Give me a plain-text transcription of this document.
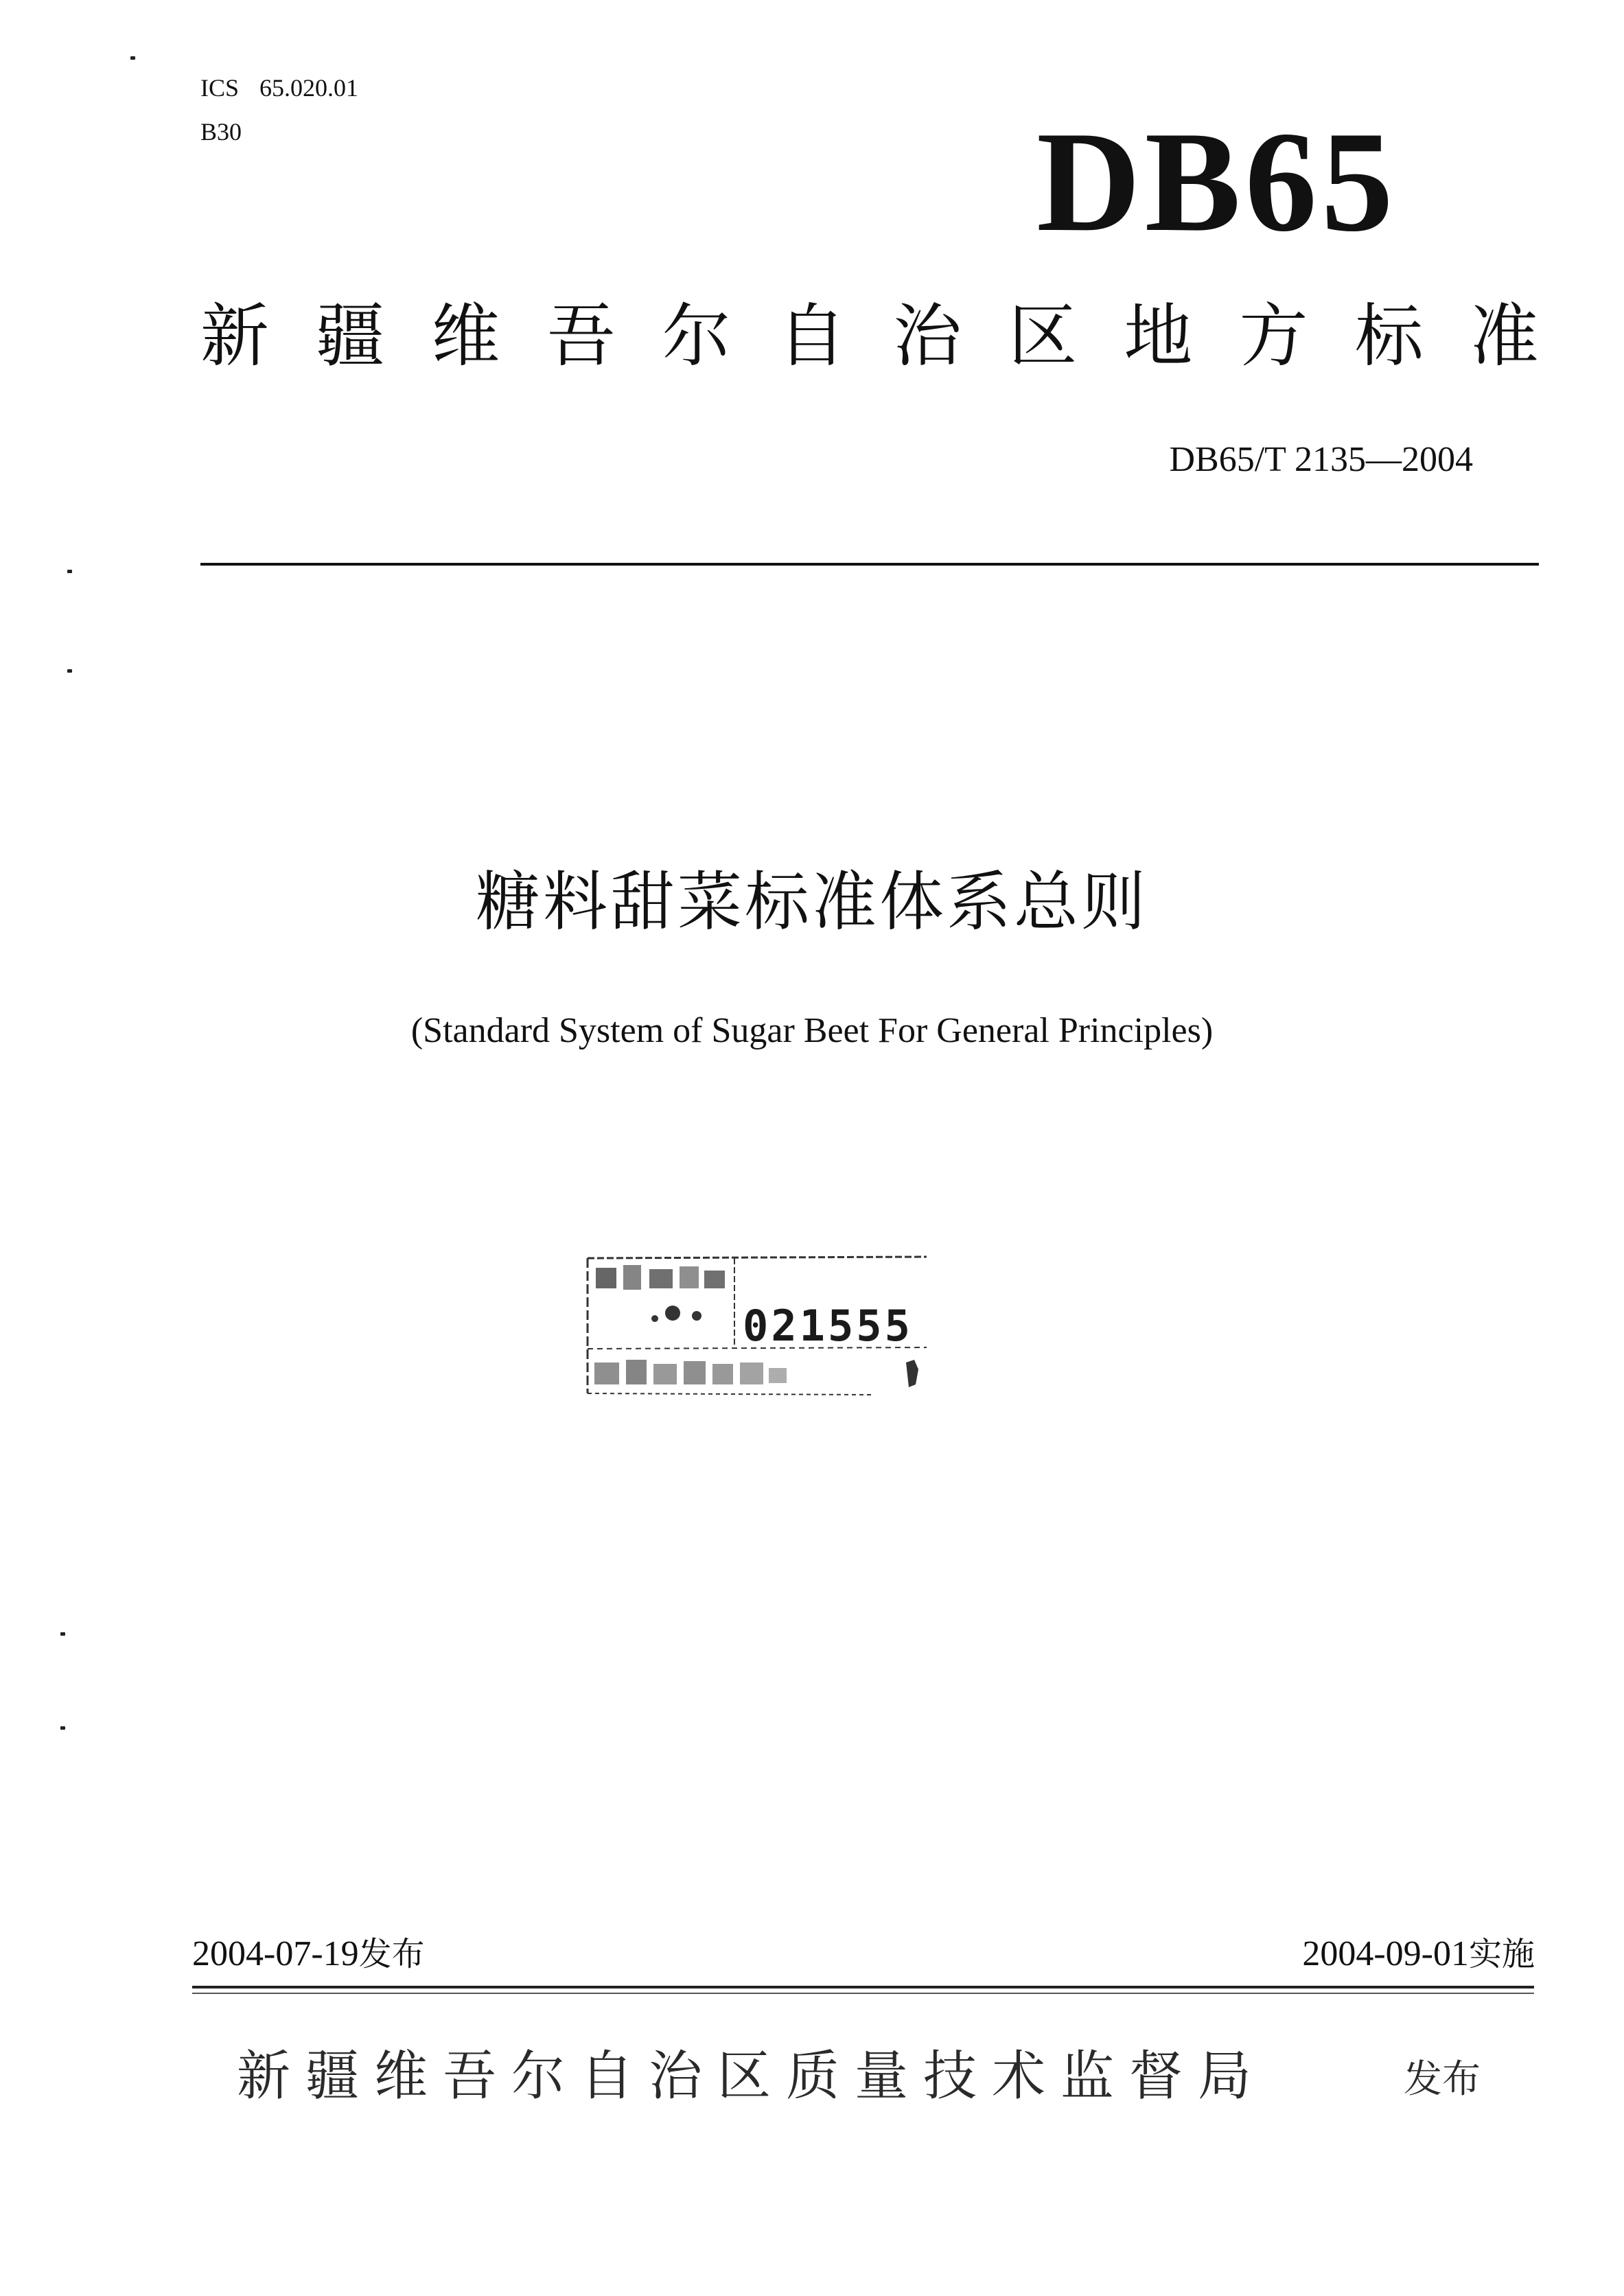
ICS 65.020.01
B30	DB65
新 疆 维 吾 尔 自 治 区 地 方 标 准
DB65/T 2135—2004
糖料甜菜标准体系总则
(Standard System of Sugar Beet For General Principles)
021555
2004-07-19发布	2004-09-01实施
新疆维吾尔自治区质量技术监督局	发布
